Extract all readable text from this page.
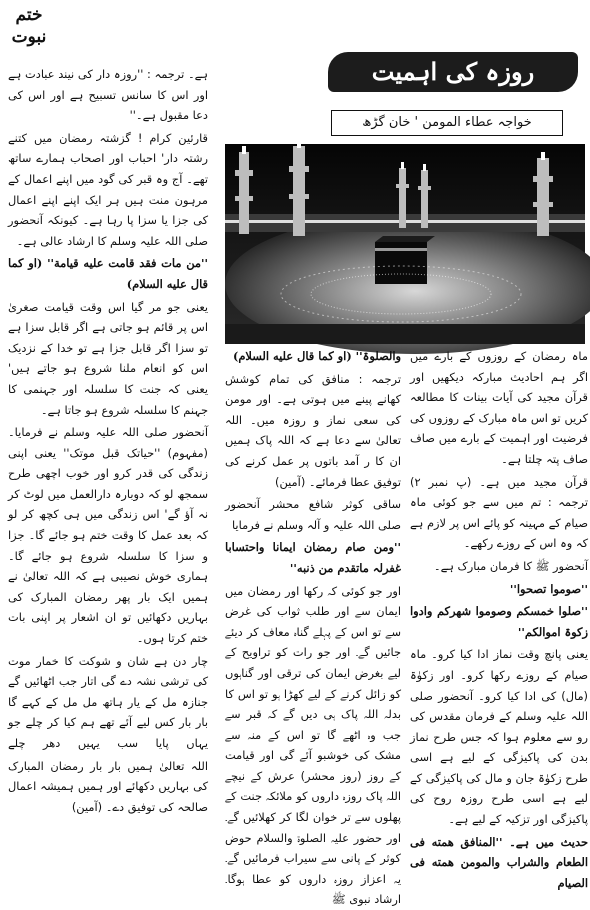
ختم نبوت
روزہ کی اہمیت
خواجہ عطاء المومن ' خان گڑھ

ہے۔ ترجمہ : ''روزہ دار کی نیند عبادت ہے اور اس کا سانس تسبیح ہے اور اس کی دعا مقبول ہے۔''

قارئین کرام ! گزشتہ رمضان میں کتنے رشتہ دار' احباب اور اصحاب ہمارے ساتھ تھے۔ آج وہ قبر کی گود میں اپنے اعمال کے مرہون منت ہیں ہر ایک اپنے اپنے اعمال کی جزا یا سزا پا رہا ہے۔ کیونکہ آنحضور صلی اللہ علیہ وسلم کا ارشاد عالی ہے۔

''من مات فقد قامت علیه قیامة'' (او کما قال علیه السلام)

یعنی جو مر گیا اس وقت قیامت صغریٰ اس پر قائم ہو جاتی ہے اگر قابل سزا ہے تو سزا اگر قابل جزا ہے تو خدا کے نزدیک اس کو انعام ملنا شروع ہو جاتے ہیں' یعنی کہ جنت کا سلسلہ اور جہنمی کا جہنم کا سلسلہ شروع ہو جاتا ہے۔

آنحضور صلی اللہ علیہ وسلم نے فرمایا۔ (مفہوم) ''حیاتک قبل موتک'' یعنی اپنی زندگی کی قدر کرو اور خوب اچھی طرح سمجھ لو کہ دوبارہ دارالعمل میں لوٹ کر نہ آؤ گے' اس زندگی میں ہی کچھ کر لو کہ بعد عمل کا وقت ختم ہو جائے گا۔ جزا و سزا کا سلسلہ شروع ہو جائے گا۔ ہماری خوش نصیبی ہے کہ اللہ تعالیٰ نے ہمیں ایک بار پھر رمضان المبارک کی بہاریں دکھائیں تو ان اشعار پر اپنی بات ختم کرتا ہوں۔

چار دن ہے شان و شوکت کا خمار موت کی ترشی نشہ دے گی اتار جب اٹھائیں گے جنازہ مل کے یار ہاتھ مل مل کے کہے گا بار بار کس لیے آئے تھے ہم کیا کر چلے جو یہاں پایا سب یہیں دھر چلے

اللہ تعالیٰ ہمیں بار بار رمضان المبارک کی بہاریں دکھائے اور ہمیں ہمیشہ اعمال صالحہ کی توفیق دے۔ (آمین)

والصلوۃ'' (او کما قال علیه السلام)

ترجمہ : منافق کی تمام کوشش کھانے پینے میں ہوتی ہے۔ اور مومن کی سعی نماز و روزہ میں۔ اللہ تعالیٰ سے دعا ہے کہ اللہ پاک ہمیں ان کا ر آمد باتوں پر عمل کرنے کی توفیق عطا فرمائے۔ (آمین)

ساقی کوثر شافع محشر آنحضور صلی اللہ علیہ و آلہ وسلم نے فرمایا

''ومن صام رمضان ایمانا واحتسابا غفرلہ ماتقدم من ذنبه''

اور جو کوئی کہ رکھا اور رمضان میں ایمان سے اور طلب ثواب کی غرض سے تو اس کے پہلے گناہ معاف کر دیئے جائیں گے۔ اور جو رات کو تراویح کے لیے بغرض ایمان کی ترقی اور گناہوں کو زائل کرنے کے لیے کھڑا ہو تو اس کا بدلہ اللہ پاک ہی دیں گے کہ قبر سے جب وہ اٹھے گا تو اس کے منہ سے مشک کی خوشبو آئے گی اور قیامت کے روز (روز محشر) عرش کے نیچے اللہ پاک روزہ داروں کو ملائکہ جنت کے پھلوں سے تر خوان لگا کر کھلائیں گے۔ اور حضور علیہ الصلوۃ والسلام حوض کوثر کے پانی سے سیراب فرمائیں گے۔ یہ اعزاز روزہ داروں کو عطا ہوگا۔ ارشاد نبوی ﷺ

ماہ رمضان کے روزوں کے بارے میں اگر ہم احادیث مبارکہ دیکھیں اور قرآن مجید کی آیات بینات کا مطالعہ کریں تو اس ماہ مبارک کے روزوں کی فرضیت اور اہمیت کے بارے میں صاف صاف پتہ چلتا ہے۔

قرآن مجید میں ہے۔ (پ نمبر ۲) ترجمہ : تم میں سے جو کوئی ماہ صیام کے مہینہ کو پائے اس پر لازم ہے کہ وہ اس کے روزے رکھے۔

آنحضور ﷺ کا فرمان مبارک ہے۔

''صوموا تصحوا''

''صلوا خمسکم وصوموا شهرکم وادوا زکوۃ اموالکم''

یعنی پانچ وقت نماز ادا کیا کرو۔ ماہ صیام کے روزے رکھا کرو۔ اور زکوٰۃ (مال) کی ادا کیا کرو۔ آنحضور صلی اللہ علیہ وسلم کے فرمان مقدس کی رو سے معلوم ہوا کہ جس طرح نماز بدن کی پاکیزگی کے لیے ہے اسی طرح زکوٰۃ جان و مال کی پاکیزگی کے لیے ہے اسی طرح روزہ روح کی پاکیزگی اور تزکیہ کے لیے ہے۔

حدیث میں ہے۔ ''المنافق همته فی الطعام والشراب والمومن همته فی الصیام
